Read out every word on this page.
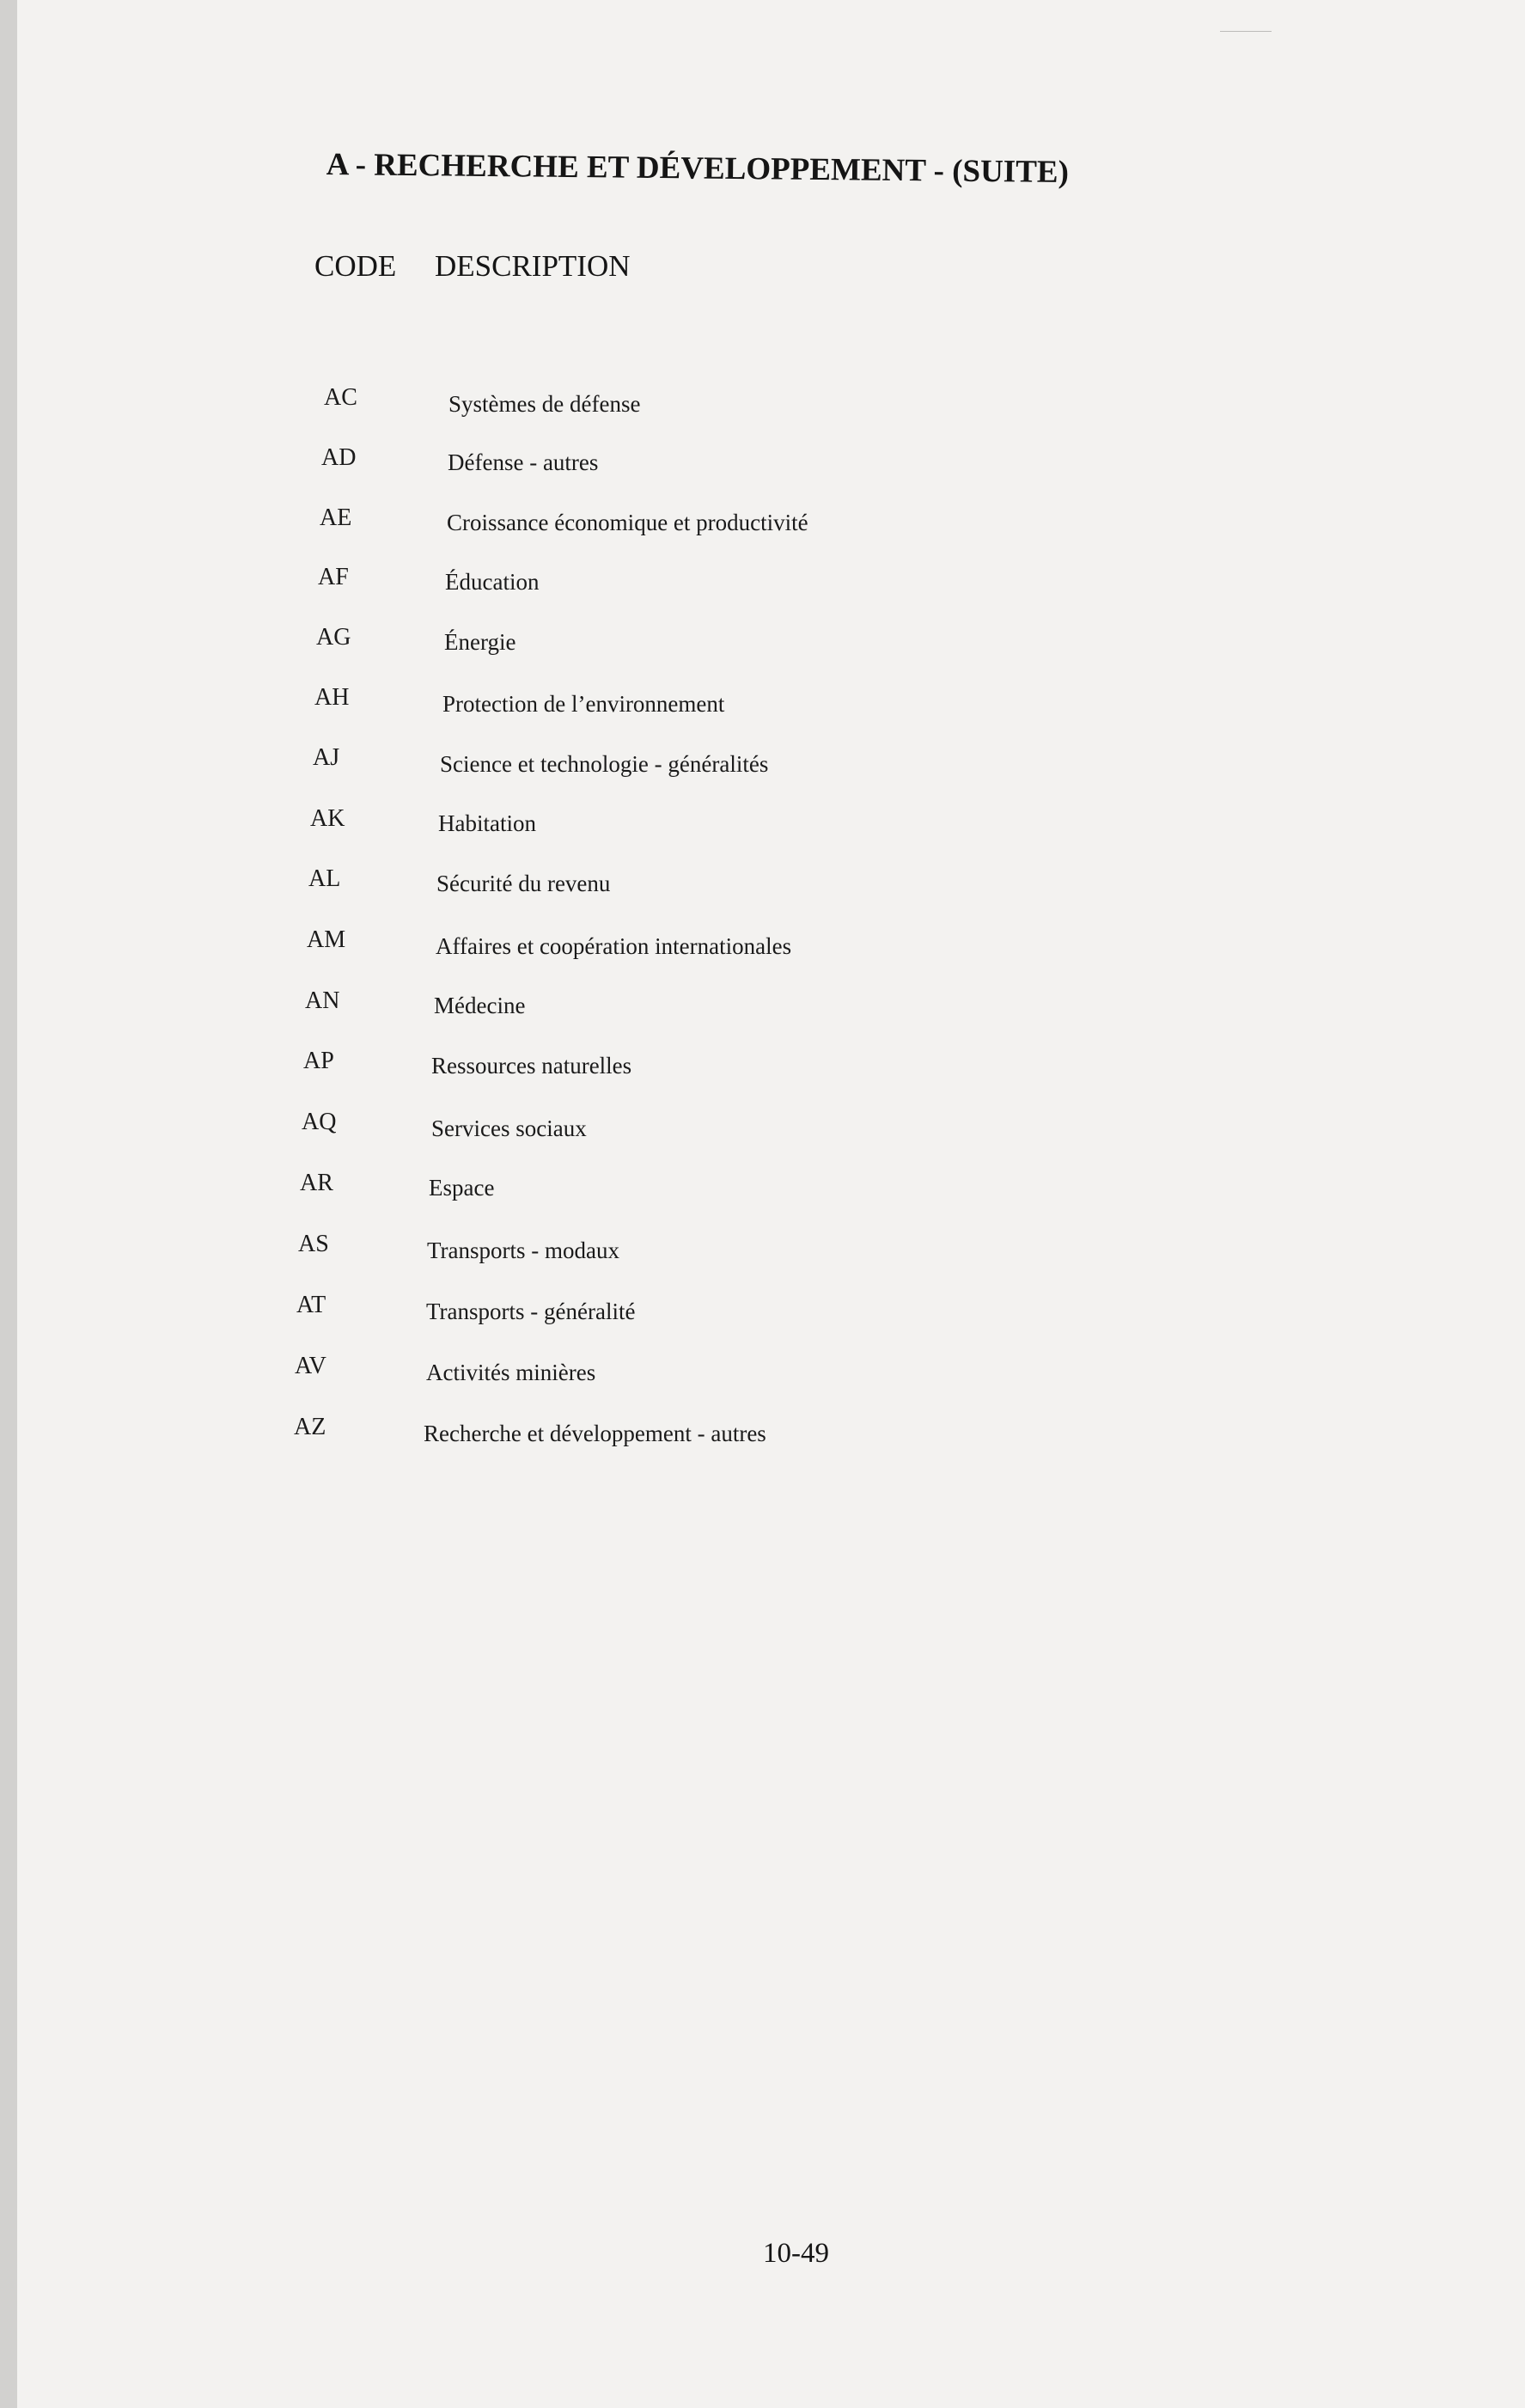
A - RECHERCHE ET DÉVELOPPEMENT - (SUITE)
CODE DESCRIPTION
AC	Systèmes de défense
AD	Défense - autres
AE	Croissance économique et productivité
AF	Éducation
AG	Énergie
AH	Protection de l’environnement
AJ	Science et technologie - généralités
AK	Habitation
AL	Sécurité du revenu
AM	Affaires et coopération internationales
AN	Médecine
AP	Ressources naturelles
AQ	Services sociaux
AR	Espace
AS	Transports - modaux
AT	Transports - généralité
AV	Activités minières
AZ	Recherche et développement - autres
10-49
